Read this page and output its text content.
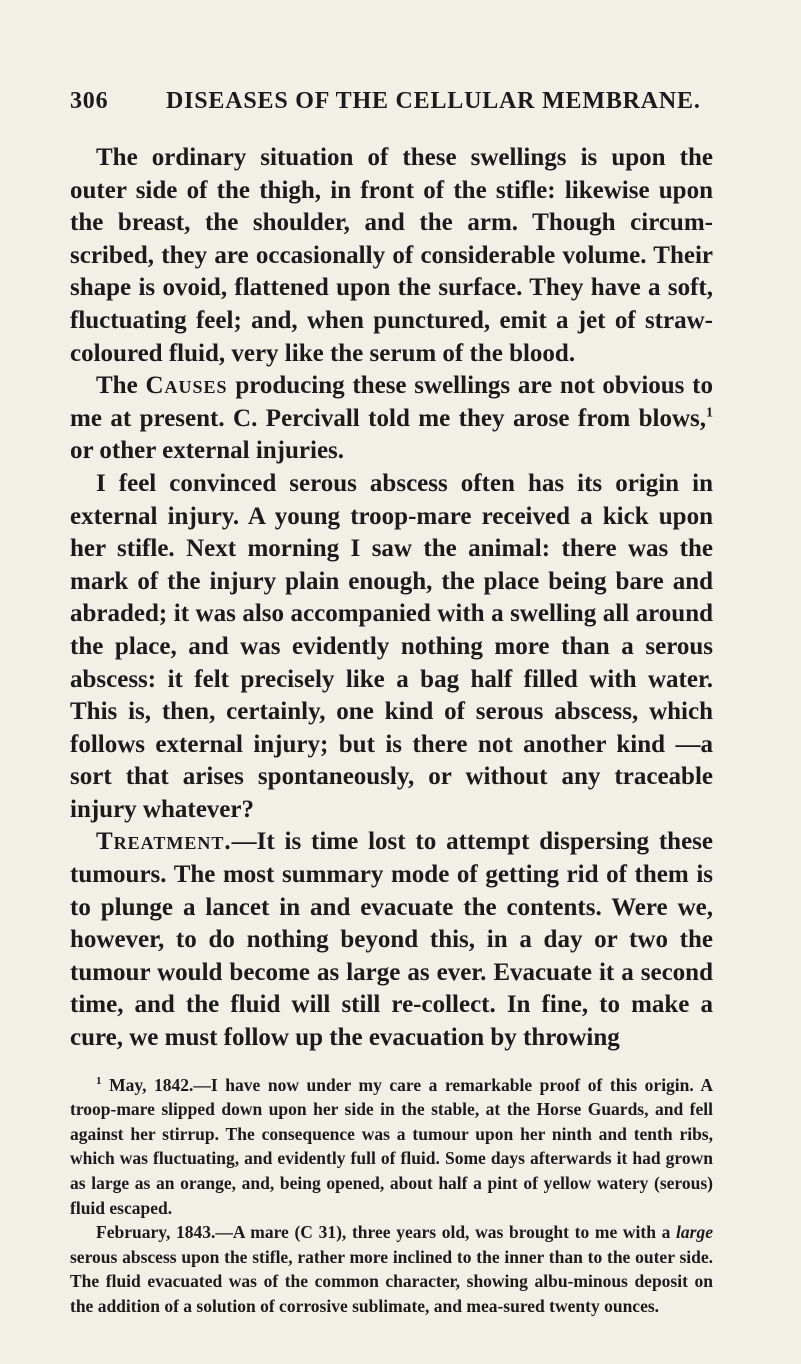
306 DISEASES OF THE CELLULAR MEMBRANE.

The ordinary situation of these swellings is upon the outer side of the thigh, in front of the stifle: likewise upon the breast, the shoulder, and the arm. Though circum-scribed, they are occasionally of considerable volume. Their shape is ovoid, flattened upon the surface. They have a soft, fluctuating feel; and, when punctured, emit a jet of straw-coloured fluid, very like the serum of the blood.

The Causes producing these swellings are not obvious to me at present. C. Percivall told me they arose from blows,$^1$ or other external injuries.

I feel convinced serous abscess often has its origin in external injury. A young troop-mare received a kick upon her stifle. Next morning I saw the animal: there was the mark of the injury plain enough, the place being bare and abraded; it was also accompanied with a swelling all around the place, and was evidently nothing more than a serous abscess: it felt precisely like a bag half filled with water. This is, then, certainly, one kind of serous abscess, which follows external injury; but is there not another kind —a sort that arises spontaneously, or without any traceable injury whatever?

Treatment.—It is time lost to attempt dispersing these tumours. The most summary mode of getting rid of them is to plunge a lancet in and evacuate the contents. Were we, however, to do nothing beyond this, in a day or two the tumour would become as large as ever. Evacuate it a second time, and the fluid will still re-collect. In fine, to make a cure, we must follow up the evacuation by throwing

$^1$ May, 1842.—I have now under my care a remarkable proof of this origin. A troop-mare slipped down upon her side in the stable, at the Horse Guards, and fell against her stirrup. The consequence was a tumour upon her ninth and tenth ribs, which was fluctuating, and evidently full of fluid. Some days afterwards it had grown as large as an orange, and, being opened, about half a pint of yellow watery (serous) fluid escaped.

February, 1843.—A mare (C 31), three years old, was brought to me with a large serous abscess upon the stifle, rather more inclined to the inner than to the outer side. The fluid evacuated was of the common character, showing albu-minous deposit on the addition of a solution of corrosive sublimate, and mea-sured twenty ounces.
